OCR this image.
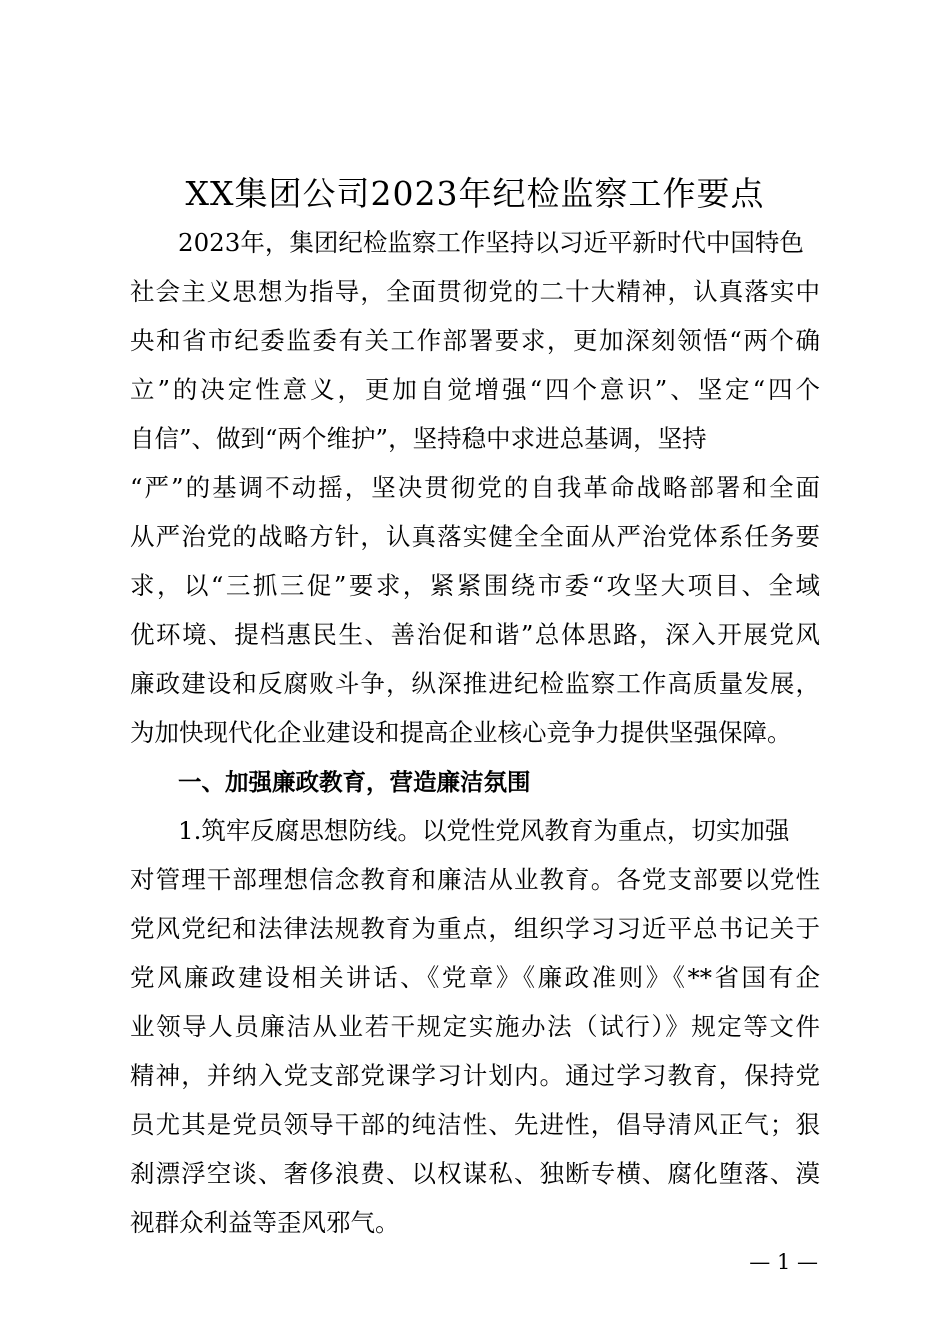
XX集团公司2023年纪检监察工作要点

2023年，集团纪检监察工作坚持以习近平新时代中国特色

社会主义思想为指导，全面贯彻党的二十大精神，认真落实中

央和省市纪委监委有关工作部署要求，更加深刻领悟“两个确

立”的决定性意义，更加自觉增强“四个意识”、坚定“四个

自信”、做到“两个维护”，坚持稳中求进总基调，坚持

“严”的基调不动摇，坚决贯彻党的自我革命战略部署和全面

从严治党的战略方针，认真落实健全全面从严治党体系任务要

求，以“三抓三促”要求，紧紧围绕市委“攻坚大项目、全域

优环境、提档惠民生、善治促和谐”总体思路，深入开展党风

廉政建设和反腐败斗争，纵深推进纪检监察工作高质量发展，

为加快现代化企业建设和提高企业核心竞争力提供坚强保障。

一、加强廉政教育，营造廉洁氛围

1.筑牢反腐思想防线。以党性党风教育为重点，切实加强

对管理干部理想信念教育和廉洁从业教育。各党支部要以党性

党风党纪和法律法规教育为重点，组织学习习近平总书记关于

党风廉政建设相关讲话、《党章》《廉政准则》《**省国有企

业领导人员廉洁从业若干规定实施办法（试行）》规定等文件

精神，并纳入党支部党课学习计划内。通过学习教育，保持党

员尤其是党员领导干部的纯洁性、先进性，倡导清风正气；狠

刹漂浮空谈、奢侈浪费、以权谋私、独断专横、腐化堕落、漠

视群众利益等歪风邪气。

— 1 —
